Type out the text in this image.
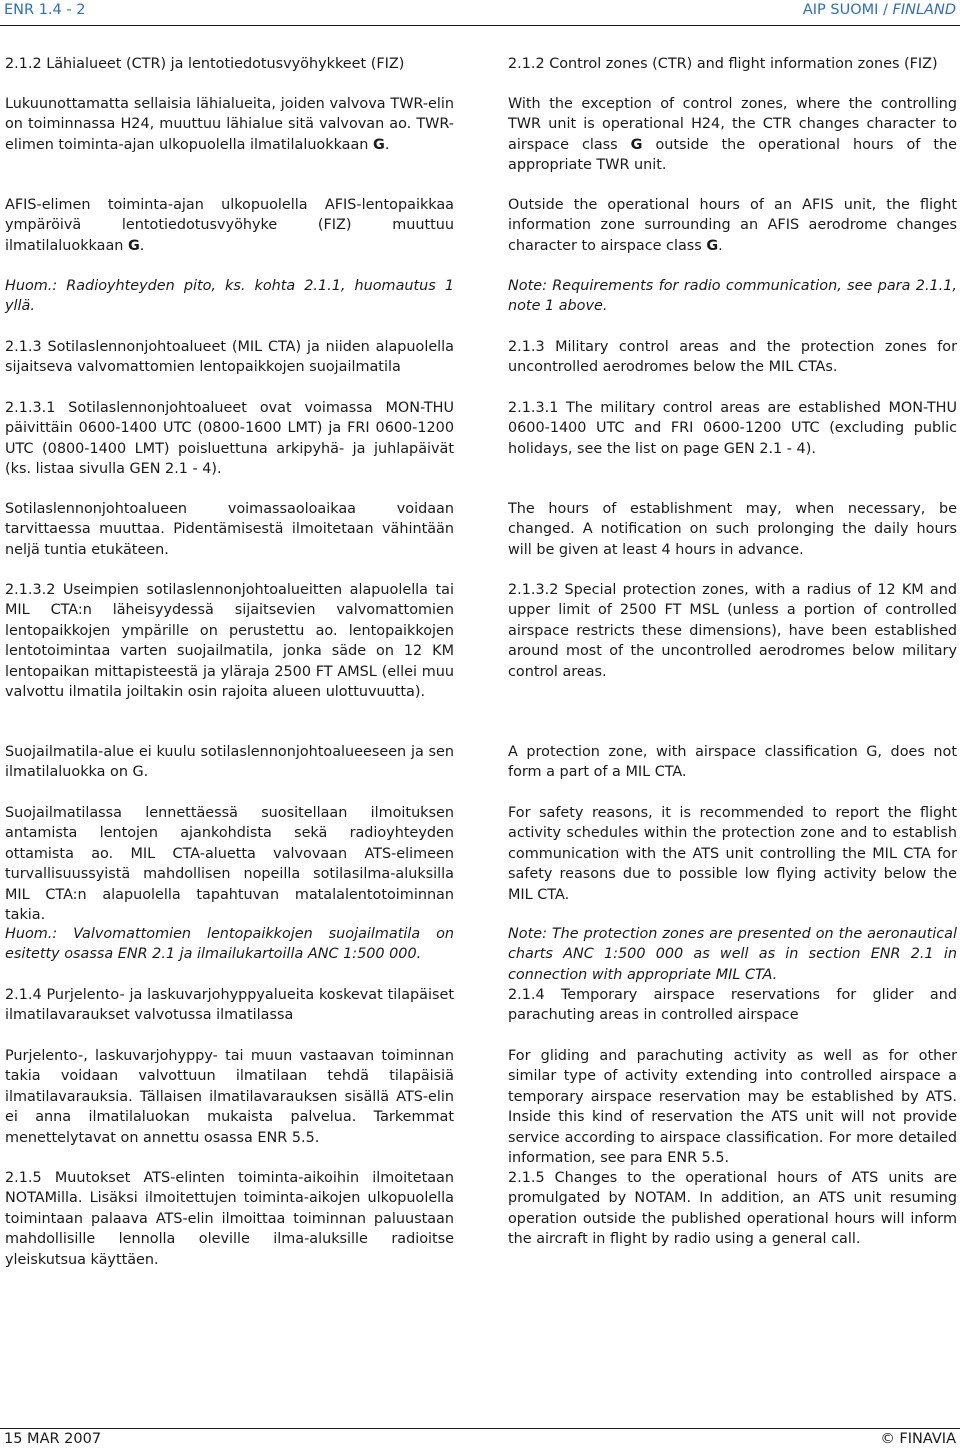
ENR 1.4 - 2	AIP SUOMI / FINLAND

2.1.2 Lähialueet (CTR) ja lentotiedotusvyöhykkeet (FIZ)

Lukuunottamatta sellaisia lähialueita, joiden valvova TWR-elin on toiminnassa H24, muuttuu lähialue sitä valvovan ao. TWR-elimen toiminta-ajan ulkopuolella ilmatilaluokkaan G.

AFIS-elimen toiminta-ajan ulkopuolella AFIS-lentopaikkaa ympäröivä lentotiedotusvyöhyke (FIZ) muuttuu ilmatilaluokkaan G.

Huom.: Radioyhteyden pito, ks. kohta 2.1.1, huomautus 1 yllä.

2.1.3 Sotilaslennonjohtoalueet (MIL CTA) ja niiden alapuolella sijaitseva valvomattomien lentopaikkojen suojailmatila

2.1.3.1 Sotilaslennonjohtoalueet ovat voimassa MON-THU päivittäin 0600-1400 UTC (0800-1600 LMT) ja FRI 0600-1200 UTC (0800-1400 LMT) poisluettuna arkipyhä- ja juhlapäivät (ks. listaa sivulla GEN 2.1 - 4).

Sotilaslennonjohtoalueen voimassaoloaikaa voidaan tarvittaessa muuttaa. Pidentämisestä ilmoitetaan vähintään neljä tuntia etukäteen.

2.1.3.2 Useimpien sotilaslennonjohtoalueitten alapuolella tai MIL CTA:n läheisyydessä sijaitsevien valvomattomien lentopaikkojen ympärille on perustettu ao. lentopaikkojen lentotoimintaa varten suojailmatila, jonka säde on 12 KM lentopaikan mittapisteestä ja yläraja 2500 FT AMSL (ellei muu valvottu ilmatila joiltakin osin rajoita alueen ulottuvuutta).

Suojailmatila-alue ei kuulu sotilaslennonjohtoalueeseen ja sen ilmatilaluokka on G.

Suojailmatilassa lennettäessä suositellaan ilmoituksen antamista lentojen ajankohdista sekä radioyhteyden ottamista ao. MIL CTA-aluetta valvovaan ATS-elimeen turvallisuussyistä mahdollisen nopeilla sotilasilma-aluksilla MIL CTA:n alapuolella tapahtuvan matalalentotoiminnan takia.

Huom.: Valvomattomien lentopaikkojen suojailmatila on esitetty osassa ENR 2.1 ja ilmailukartoilla ANC 1:500 000.

2.1.4 Purjelento- ja laskuvarjohyppyalueita koskevat tilapäiset ilmatilavaraukset valvotussa ilmatilassa

Purjelento-, laskuvarjohyppy- tai muun vastaavan toiminnan takia voidaan valvottuun ilmatilaan tehdä tilapäisiä ilmatilavarauksia. Tällaisen ilmatilavarauksen sisällä ATS-elin ei anna ilmatilaluokan mukaista palvelua. Tarkemmat menettelytavat on annettu osassa ENR 5.5.

2.1.5 Muutokset ATS-elinten toiminta-aikoihin ilmoitetaan NOTAMilla. Lisäksi ilmoitettujen toiminta-aikojen ulkopuolella toimintaan palaava ATS-elin ilmoittaa toiminnan paluustaan mahdollisille lennolla oleville ilma-aluksille radioitse yleiskutsua käyttäen.

2.1.2 Control zones (CTR) and flight information zones (FIZ)

With the exception of control zones, where the controlling TWR unit is operational H24, the CTR changes character to airspace class G outside the operational hours of the appropriate TWR unit.

Outside the operational hours of an AFIS unit, the flight information zone surrounding an AFIS aerodrome changes character to airspace class G.

Note: Requirements for radio communication, see para 2.1.1, note 1 above.

2.1.3 Military control areas and the protection zones for uncontrolled aerodromes below the MIL CTAs.

2.1.3.1 The military control areas are established MON-THU 0600-1400 UTC and FRI 0600-1200 UTC (excluding public holidays, see the list on page GEN 2.1 - 4).

The hours of establishment may, when necessary, be changed. A notification on such prolonging the daily hours will be given at least 4 hours in advance.

2.1.3.2 Special protection zones, with a radius of 12 KM and upper limit of 2500 FT MSL (unless a portion of controlled airspace restricts these dimensions), have been established around most of the uncontrolled aerodromes below military control areas.

A protection zone, with airspace classification G, does not form a part of a MIL CTA.

For safety reasons, it is recommended to report the flight activity schedules within the protection zone and to establish communication with the ATS unit controlling the MIL CTA for safety reasons due to possible low flying activity below the MIL CTA.

Note: The protection zones are presented on the aeronautical charts ANC 1:500 000 as well as in section ENR 2.1 in connection with appropriate MIL CTA.

2.1.4 Temporary airspace reservations for glider and parachuting areas in controlled airspace

For gliding and parachuting activity as well as for other similar type of activity extending into controlled airspace a temporary airspace reservation may be established by ATS. Inside this kind of reservation the ATS unit will not provide service according to airspace classification. For more detailed information, see para ENR 5.5.

2.1.5 Changes to the operational hours of ATS units are promulgated by NOTAM. In addition, an ATS unit resuming operation outside the published operational hours will inform the aircraft in flight by radio using a general call.

15 MAR 2007	© FINAVIA
